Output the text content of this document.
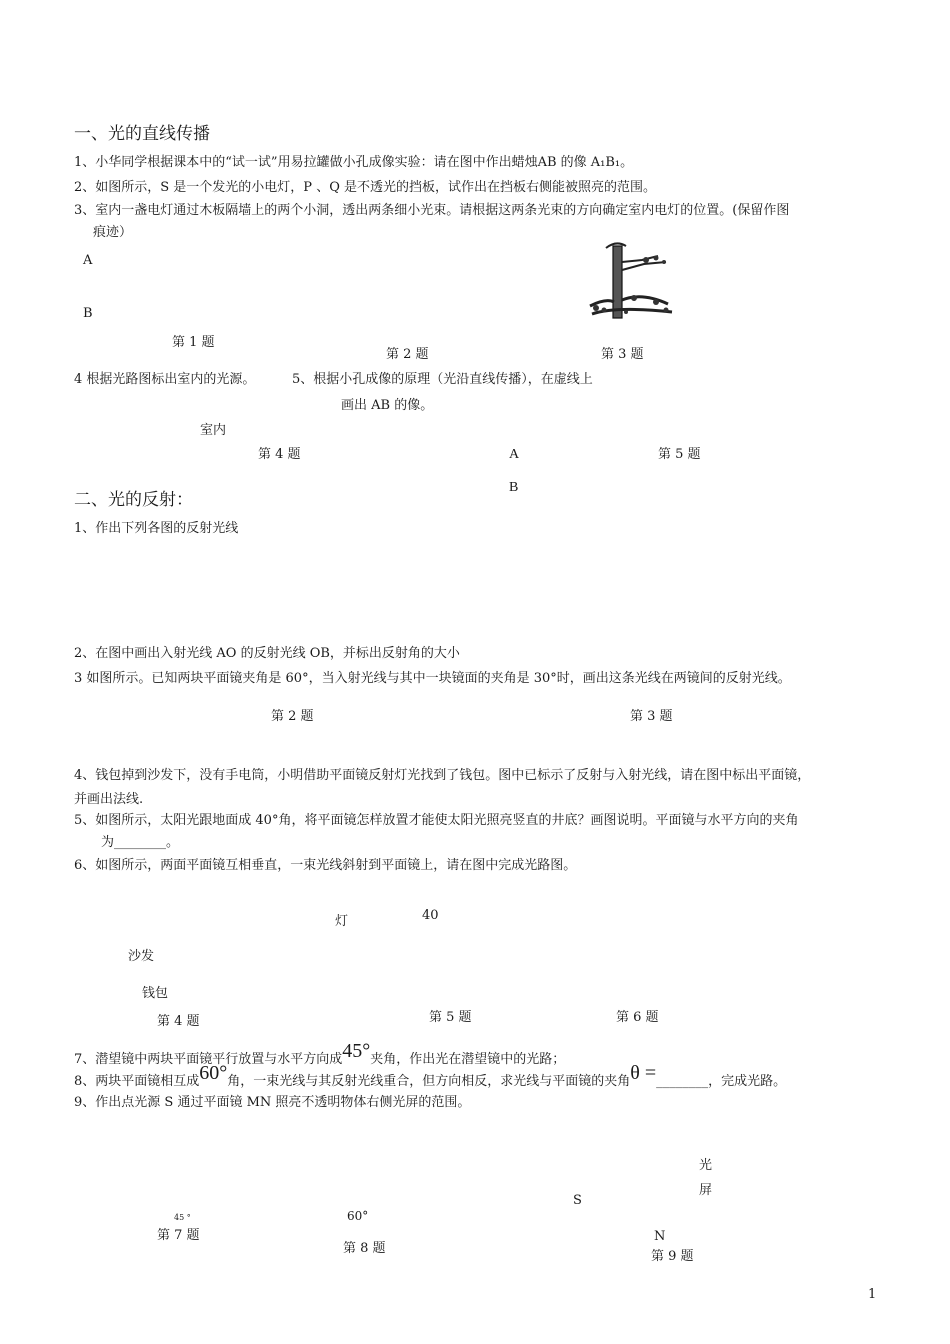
一、光的直线传播
1、小华同学根据课本中的“试一试”用易拉罐做小孔成像实验：请在图中作出蜡烛AB 的像 A₁B₁。
2、如图所示，S 是一个发光的小电灯，P 、Q 是不透光的挡板，试作出在挡板右侧能被照亮的范围。
3、室内一盏电灯通过木板隔墙上的两个小洞，透出两条细小光束。请根据这两条光束的方向确定室内电灯的位置。(保留作图
痕迹）
A
B
第 1 题
第 2 题	第 3 题
4 根据光路图标出室内的光源。	5、根据小孔成像的原理（光沿直线传播），在虚线上
画出 AB 的像。
室内
第 4 题	A	第 5 题
B
二、光的反射：
1、作出下列各图的反射光线
2、在图中画出入射光线 AO 的反射光线 OB，并标出反射角的大小
3 如图所示。已知两块平面镜夹角是 60°，当入射光线与其中一块镜面的夹角是 30°时，画出这条光线在两镜间的反射光线。
第 2 题	第 3 题
4、钱包掉到沙发下，没有手电筒，小明借助平面镜反射灯光找到了钱包。图中已标示了反射与入射光线，请在图中标出平面镜，
并画出法线.
5、如图所示，太阳光跟地面成 40°角，将平面镜怎样放置才能使太阳光照亮竖直的井底？画图说明。平面镜与水平方向的夹角
为________。
6、如图所示，两面平面镜互相垂直，一束光线斜射到平面镜上，请在图中完成光路图。
灯	40
沙发
钱包
第 4 题	第 5 题	第 6 题
7、潜望镜中两块平面镜平行放置与水平方向成45°夹角，作出光在潜望镜中的光路；
8、两块平面镜相互成60°角，一束光线与其反射光线重合，但方向相反，求光线与平面镜的夹角θ =________，完成光路。
9、作出点光源 S 通过平面镜 MN 照亮不透明物体右侧光屏的范围。
光
屏
S
45 °	60°
第 7 题
第 8 题
N
第 9 题
1
